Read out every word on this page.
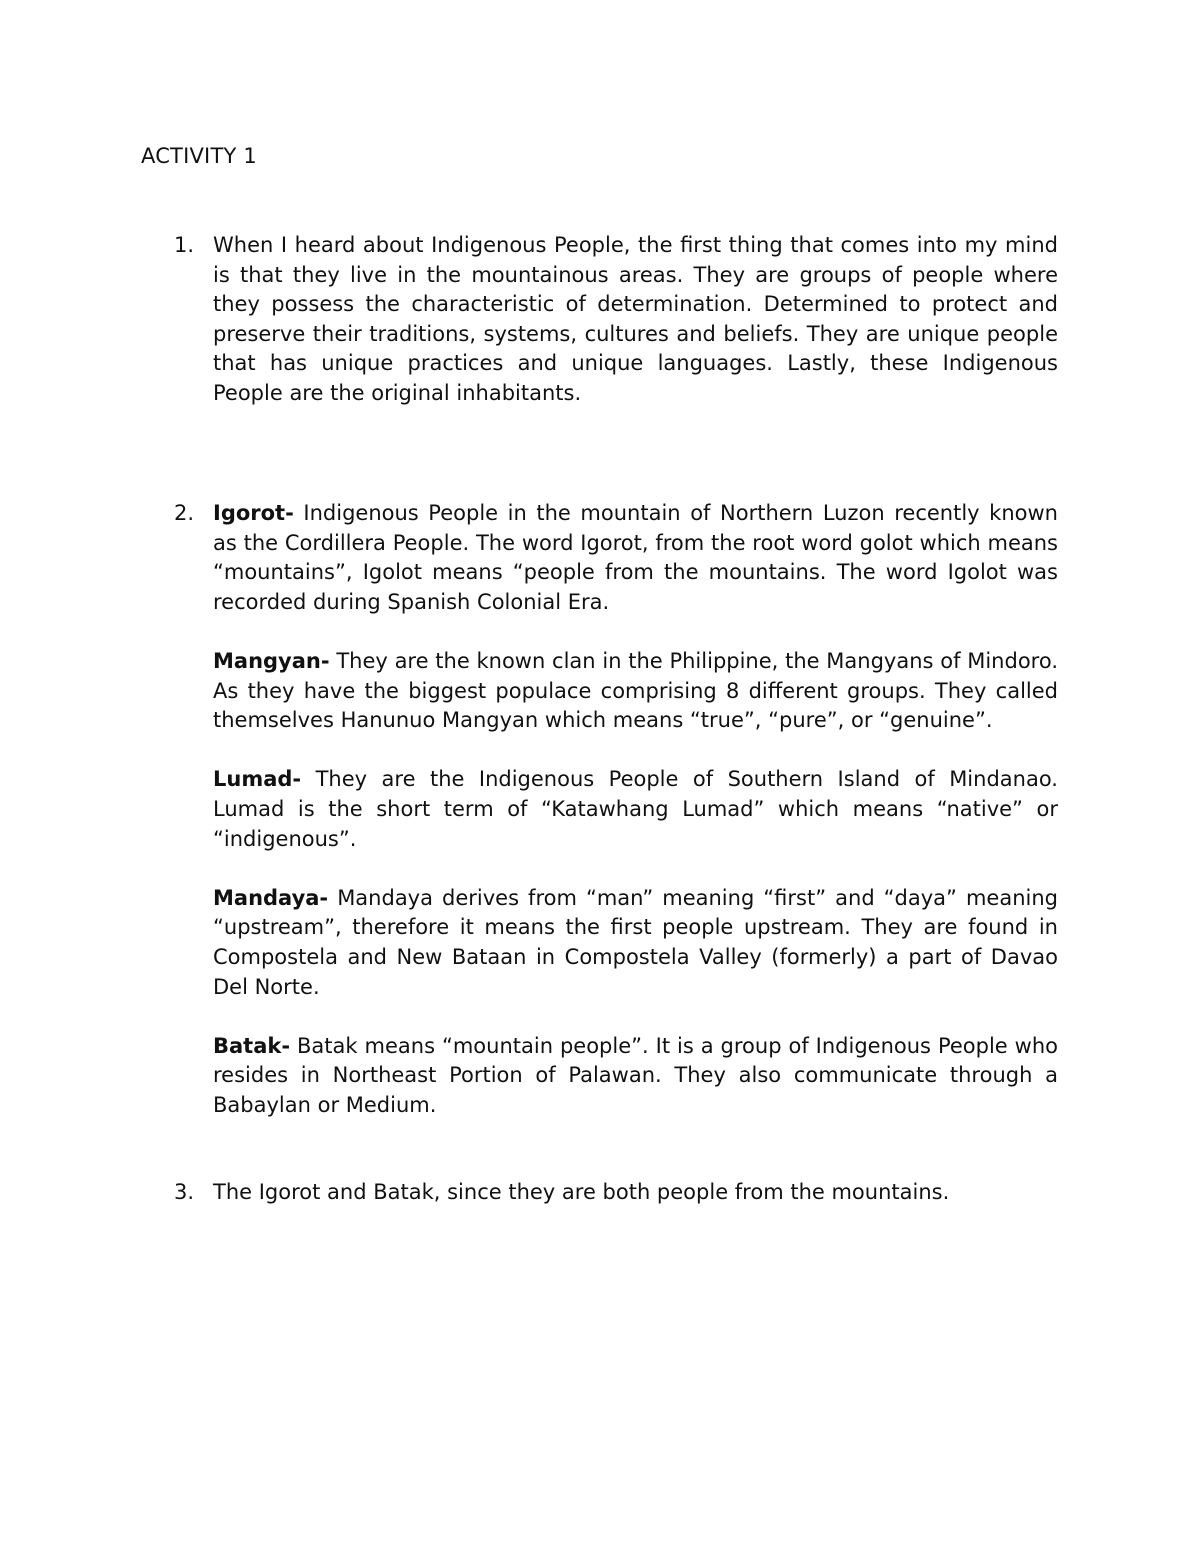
ACTIVITY 1
1. When I heard about Indigenous People, the first thing that comes into my mind is that they live in the mountainous areas. They are groups of people where they possess the characteristic of determination. Determined to protect and preserve their traditions, systems, cultures and beliefs. They are unique people that has unique practices and unique languages. Lastly, these Indigenous People are the original inhabitants.
2. Igorot- Indigenous People in the mountain of Northern Luzon recently known as the Cordillera People. The word Igorot, from the root word golot which means “mountains”, Igolot means “people from the mountains. The word Igolot was recorded during Spanish Colonial Era.

Mangyan- They are the known clan in the Philippine, the Mangyans of Mindoro. As they have the biggest populace comprising 8 different groups. They called themselves Hanunuo Mangyan which means “true”, “pure”, or “genuine”.

Lumad- They are the Indigenous People of Southern Island of Mindanao. Lumad is the short term of “Katawhang Lumad” which means “native” or “indigenous”.

Mandaya- Mandaya derives from “man” meaning “first” and “daya” meaning “upstream”, therefore it means the first people upstream. They are found in Compostela and New Bataan in Compostela Valley (formerly) a part of Davao Del Norte.

Batak- Batak means “mountain people”. It is a group of Indigenous People who resides in Northeast Portion of Palawan. They also communicate through a Babaylan or Medium.

3. The Igorot and Batak, since they are both people from the mountains.
